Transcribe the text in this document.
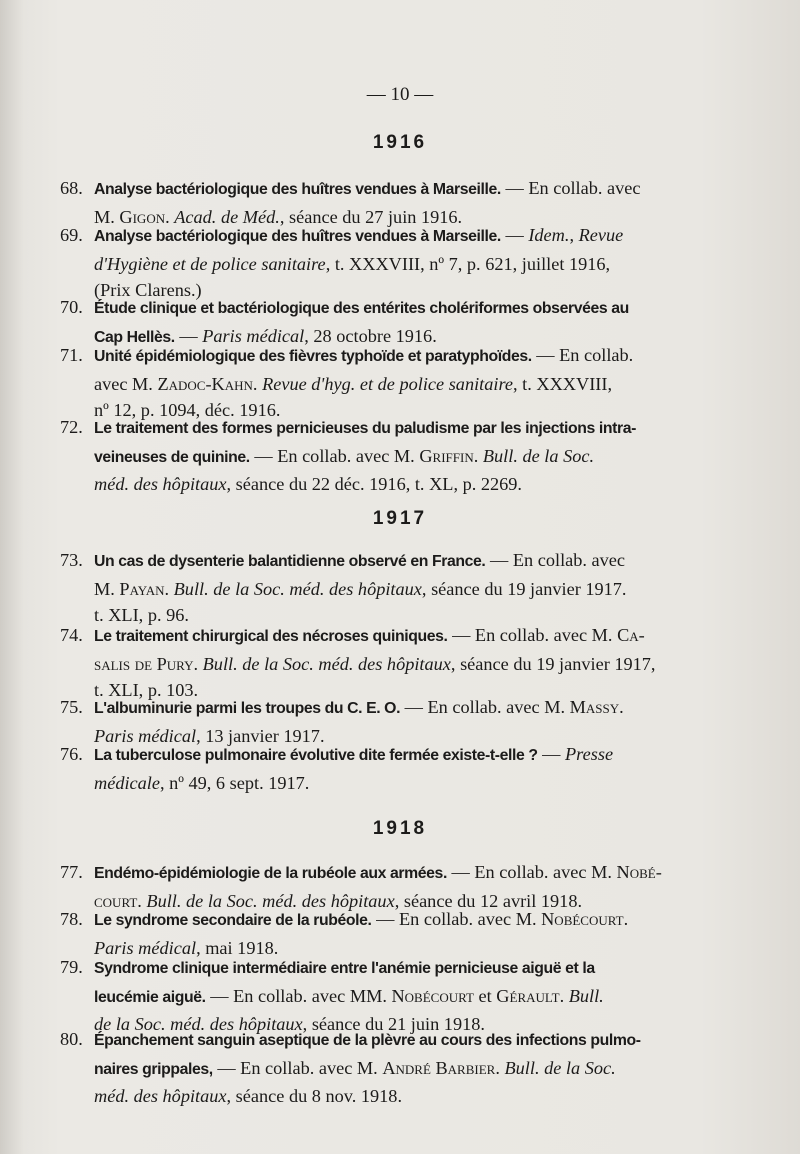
— 10 —
1916
68. Analyse bactériologique des huîtres vendues à Marseille. — En collab. avec
M. Gigon. Acad. de Méd., séance du 27 juin 1916.
69. Analyse bactériologique des huîtres vendues à Marseille. — Idem., Revue
d'Hygiène et de police sanitaire, t. XXXVIII, nº 7, p. 621, juillet 1916,
(Prix Clarens.)
70. Étude clinique et bactériologique des entérites cholériformes observées au
Cap Hellès. — Paris médical, 28 octobre 1916.
71. Unité épidémiologique des fièvres typhoïde et paratyphoïdes. — En collab.
avec M. Zadoc-Kahn. Revue d'hyg. et de police sanitaire, t. XXXVIII,
nº 12, p. 1094, déc. 1916.
72. Le traitement des formes pernicieuses du paludisme par les injections intra-
veineuses de quinine. — En collab. avec M. Griffin. Bull. de la Soc.
méd. des hôpitaux, séance du 22 déc. 1916, t. XL, p. 2269.
1917
73. Un cas de dysenterie balantidienne observé en France. — En collab. avec
M. Payan. Bull. de la Soc. méd. des hôpitaux, séance du 19 janvier 1917.
t. XLI, p. 96.
74. Le traitement chirurgical des nécroses quiniques. — En collab. avec M. Ca-
salis de Pury. Bull. de la Soc. méd. des hôpitaux, séance du 19 janvier 1917,
t. XLI, p. 103.
75. L'albuminurie parmi les troupes du C. E. O. — En collab. avec M. Massy.
Paris médical, 13 janvier 1917.
76. La tuberculose pulmonaire évolutive dite fermée existe-t-elle ? — Presse
médicale, nº 49, 6 sept. 1917.
1918
77. Endémo-épidémiologie de la rubéole aux armées. — En collab. avec M. Nobé-
court. Bull. de la Soc. méd. des hôpitaux, séance du 12 avril 1918.
78. Le syndrome secondaire de la rubéole. — En collab. avec M. Nobécourt.
Paris médical, mai 1918.
79. Syndrome clinique intermédiaire entre l'anémie pernicieuse aiguë et la
leucémie aiguë. — En collab. avec MM. Nobécourt et Gérault. Bull.
de la Soc. méd. des hôpitaux, séance du 21 juin 1918.
80. Épanchement sanguin aseptique de la plèvre au cours des infections pulmo-
naires grippales, — En collab. avec M. André Barbier. Bull. de la Soc.
méd. des hôpitaux, séance du 8 nov. 1918.
